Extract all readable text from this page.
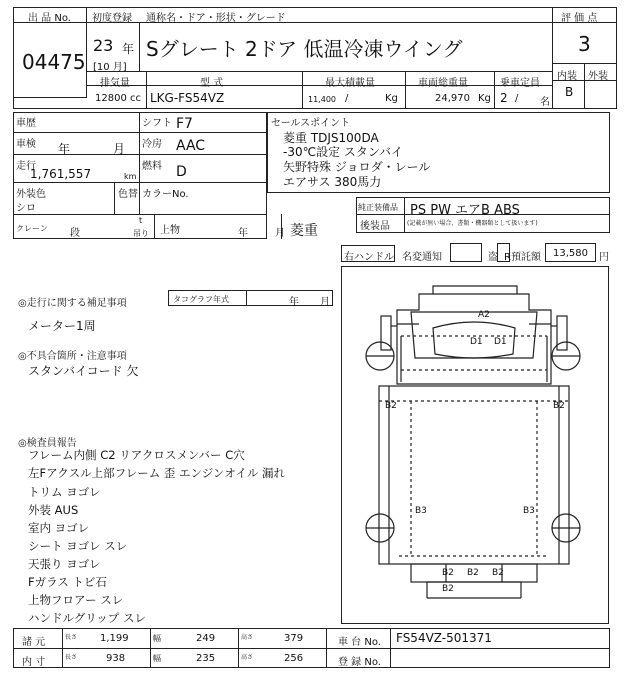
出 品 No.
04475
初度登録
23 年
[10 月]
通称名・ドア・形状・グレード
Sグレート 2ドア 低温冷凍ウイング
評 価 点
3
内装 外装
B
排気量
12800 cc
型 式
LKG-FS54VZ
最大積載量
11,400 /	Kg
車両総重量
24,970 Kg
乗車定員
2 / 名
車歴	シフト F7
車検 年	月 冷房 AAC
走行
1,761,557	km
燃料 D
外装色	色替 カラーNo.
シロ
クレーン 段
t
吊り 上物	年	月 菱重
セールスポイント
菱重 TDJS100DA
-30℃設定 スタンバイ
矢野特殊 ジョロダ・レール
エアサス 380馬力
純正装備品 PS PW エアB ABS
後装品	(記載が無い場合、書類・機器類として扱います)
右ハンドル 名変通知	盗 R預託額 13,580 円
◎走行に関する補足事項	タコグラフ年式	年 月
メーター1周
◎不具合箇所・注意事項
スタンバイコード 欠
◎検査員報告
フレーム内側 C2 リアクロスメンバー C穴
左Fアクスル上部フレーム 歪 エンジンオイル 漏れ
トリム ヨゴレ
外装 AUS
室内 ヨゴレ
シート ヨゴレ スレ
天張り ヨゴレ
Fガラス トビ石
上物フロアー スレ
ハンドルグリップ スレ
A2
D1 D1
B2	B2
B3	B3
B2 B2 B2
B2
諸 元	長さ 1,199	幅	249	高さ	379	車 台 No. FS54VZ-501371
内 寸	長さ	938	幅	235	高さ	256	登 録 No.
